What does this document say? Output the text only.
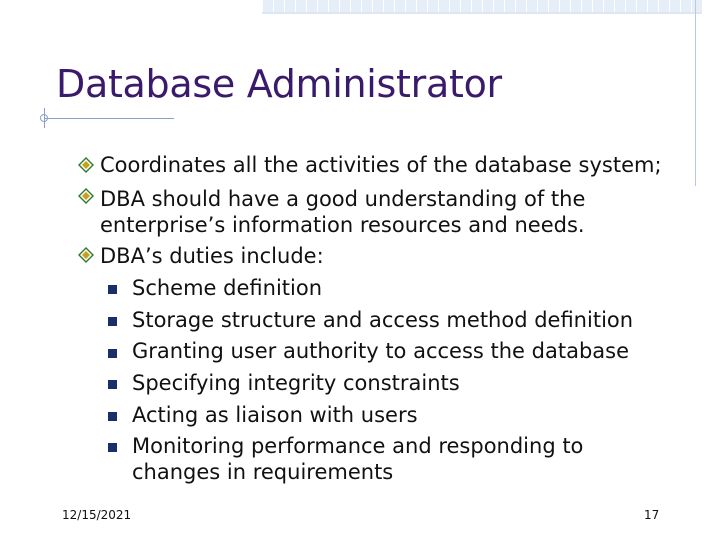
Database Administrator
Coordinates all the activities of the database system;
DBA should have a good understanding of the
enterprise’s information resources and needs.
DBA’s duties include:
Scheme definition
Storage structure and access method definition
Granting user authority to access the database
Specifying integrity constraints
Acting as liaison with users
Monitoring performance and responding to
changes in requirements
12/15/2021	17
